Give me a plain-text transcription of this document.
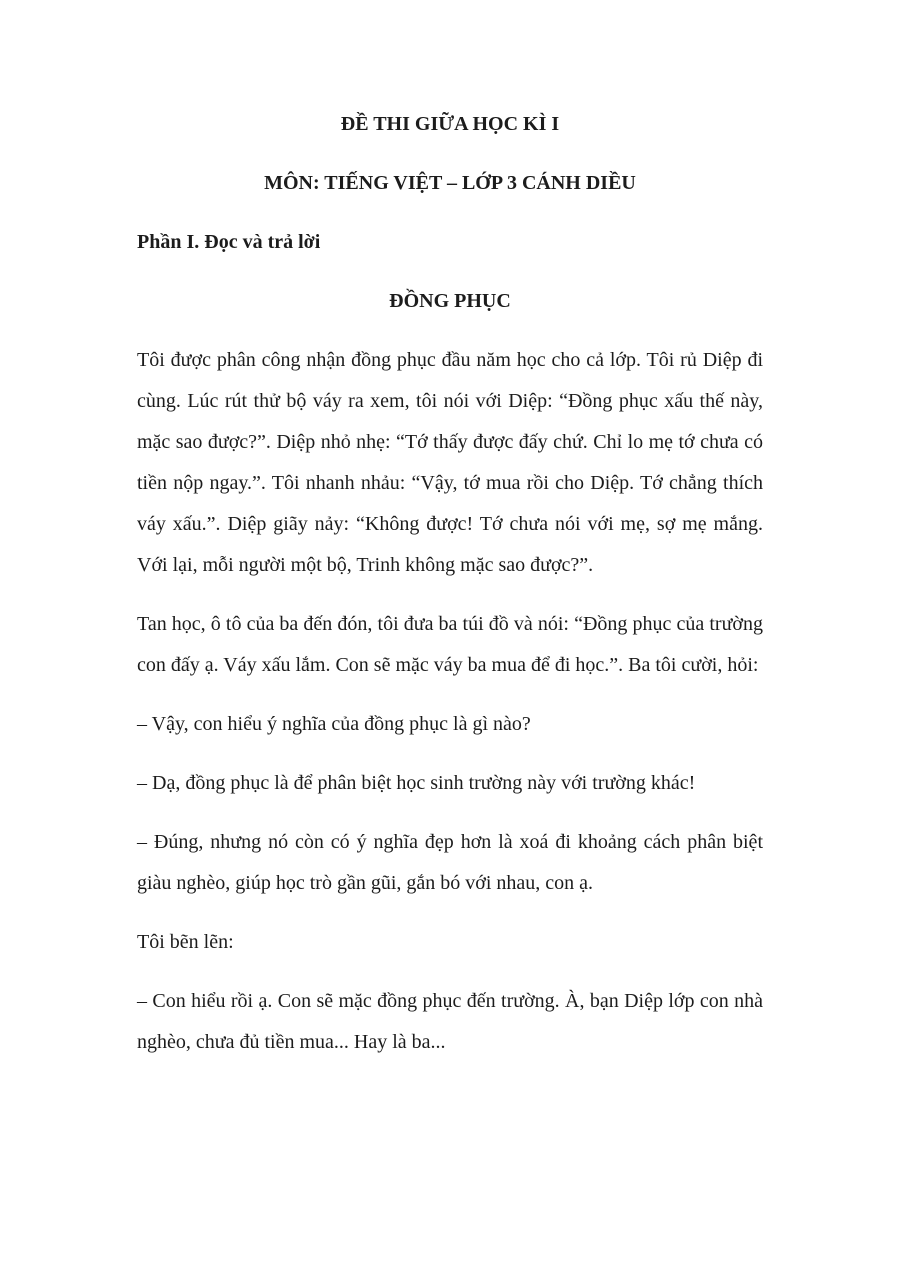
ĐỀ THI GIỮA HỌC KÌ I

MÔN: TIẾNG VIỆT – LỚP 3 CÁNH DIỀU

Phần I. Đọc và trả lời

ĐỒNG PHỤC

Tôi được phân công nhận đồng phục đầu năm học cho cả lớp. Tôi rủ Diệp đi cùng. Lúc rút thử bộ váy ra xem, tôi nói với Diệp: “Đồng phục xấu thế này, mặc sao được?”. Diệp nhỏ nhẹ: “Tớ thấy được đấy chứ. Chỉ lo mẹ tớ chưa có tiền nộp ngay.”. Tôi nhanh nhảu: “Vậy, tớ mua rồi cho Diệp. Tớ chẳng thích váy xấu.”. Diệp giãy nảy: “Không được! Tớ chưa nói với mẹ, sợ mẹ mắng. Với lại, mỗi người một bộ, Trinh không mặc sao được?”.

Tan học, ô tô của ba đến đón, tôi đưa ba túi đồ và nói: “Đồng phục của trường con đấy ạ. Váy xấu lắm. Con sẽ mặc váy ba mua để đi học.”. Ba tôi cười, hỏi:

– Vậy, con hiểu ý nghĩa của đồng phục là gì nào?

– Dạ, đồng phục là để phân biệt học sinh trường này với trường khác!

– Đúng, nhưng nó còn có ý nghĩa đẹp hơn là xoá đi khoảng cách phân biệt giàu nghèo, giúp học trò gần gũi, gắn bó với nhau, con ạ.

Tôi bẽn lẽn:

– Con hiểu rồi ạ. Con sẽ mặc đồng phục đến trường. À, bạn Diệp lớp con nhà nghèo, chưa đủ tiền mua... Hay là ba...
